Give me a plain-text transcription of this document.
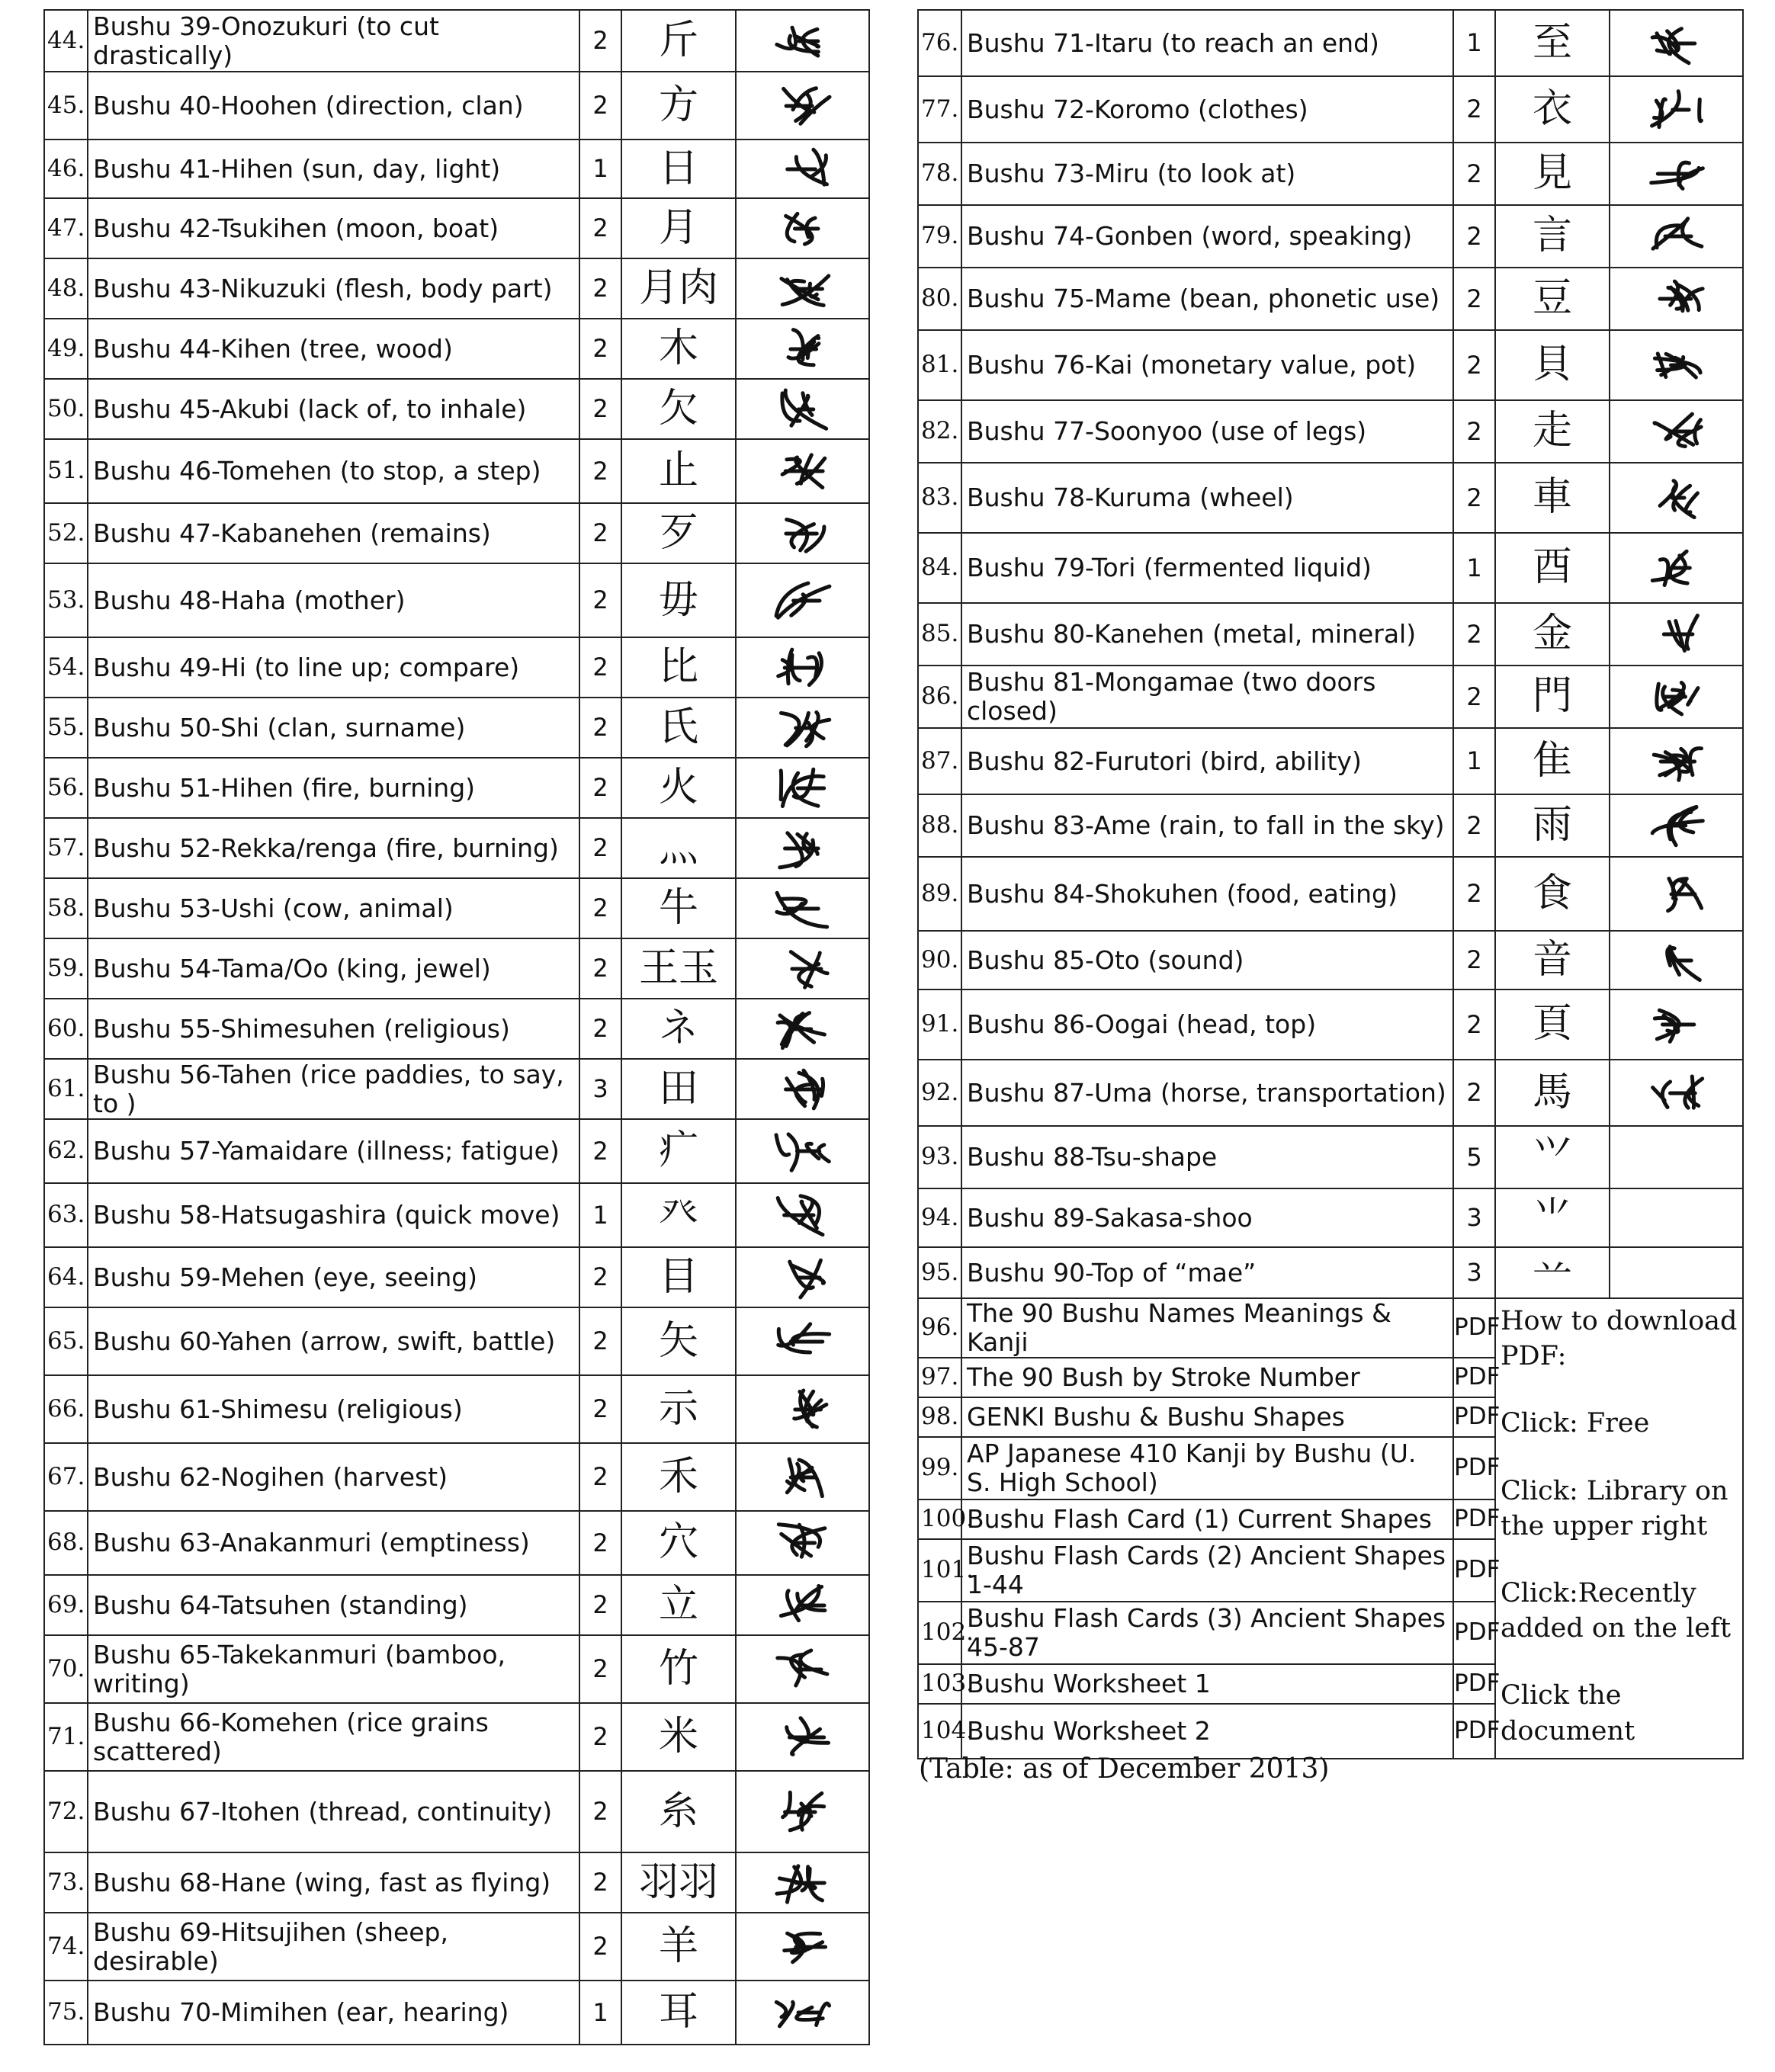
44.	Bushu 39-Onozukuri (to cut drastically)	2	斤	

45.	Bushu 40-Hoohen (direction, clan)	2	方	

46.	Bushu 41-Hihen (sun, day, light)	1	日	

47.	Bushu 42-Tsukihen (moon, boat)	2	月	

48.	Bushu 43-Nikuzuki (flesh, body part)	2	月肉	

49.	Bushu 44-Kihen (tree, wood)	2	木	

50.	Bushu 45-Akubi (lack of, to inhale)	2	欠	

51.	Bushu 46-Tomehen (to stop, a step)	2	止	

52.	Bushu 47-Kabanehen (remains)	2	歹	

53.	Bushu 48-Haha (mother)	2	毋	

54.	Bushu 49-Hi (to line up; compare)	2	比	

55.	Bushu 50-Shi (clan, surname)	2	氏	

56.	Bushu 51-Hihen (fire, burning)	2	火	

57.	Bushu 52-Rekka/renga (fire, burning)	2	灬	

58.	Bushu 53-Ushi (cow, animal)	2	牛	

59.	Bushu 54-Tama/Oo (king, jewel)	2	王玉	

60.	Bushu 55-Shimesuhen (religious)	2	ネ	

61.	Bushu 56-Tahen (rice paddies, to say, to )	3	田	

62.	Bushu 57-Yamaidare (illness; fatigue)	2	疒	

63.	Bushu 58-Hatsugashira (quick move)	1	癶	

64.	Bushu 59-Mehen (eye, seeing)	2	目	

65.	Bushu 60-Yahen (arrow, swift, battle)	2	矢	

66.	Bushu 61-Shimesu (religious)	2	示	

67.	Bushu 62-Nogihen (harvest)	2	禾	

68.	Bushu 63-Anakanmuri (emptiness)	2	穴	

69.	Bushu 64-Tatsuhen (standing)	2	立	

70.	Bushu 65-Takekanmuri (bamboo, writing)	2	竹	

71.	Bushu 66-Komehen (rice grains scattered)	2	米	

72.	Bushu 67-Itohen (thread, continuity)	2	糸	

73.	Bushu 68-Hane (wing, fast as flying)	2	羽羽	

74.	Bushu 69-Hitsujihen (sheep, desirable)	2	羊	

75.	Bushu 70-Mimihen (ear, hearing)	1	耳	
76.	Bushu 71-Itaru (to reach an end)	1	至	

77.	Bushu 72-Koromo (clothes)	2	衣	

78.	Bushu 73-Miru (to look at)	2	見	

79.	Bushu 74-Gonben (word, speaking)	2	言	

80.	Bushu 75-Mame (bean, phonetic use)	2	豆	

81.	Bushu 76-Kai (monetary value, pot)	2	貝	

82.	Bushu 77-Soonyoo (use of legs)	2	走	

83.	Bushu 78-Kuruma (wheel)	2	車	

84.	Bushu 79-Tori (fermented liquid)	1	酉	

85.	Bushu 80-Kanehen (metal, mineral)	2	金	

86.	Bushu 81-Mongamae (two doors closed)	2	門	

87.	Bushu 82-Furutori (bird, ability)	1	隹	

88.	Bushu 83-Ame (rain, to fall in the sky)	2	雨	

89.	Bushu 84-Shokuhen (food, eating)	2	食	

90.	Bushu 85-Oto (sound)	2	音	

91.	Bushu 86-Oogai (head, top)	2	頁	

92.	Bushu 87-Uma (horse, transportation)	2	馬	

93.	Bushu 88-Tsu-shape	5	⺍	
94.	Bushu 89-Sakasa-shoo	3	⺌	
95.	Bushu 90-Top of “mae”	3	䒑	
96.	The 90 Bushu Names Meanings & Kanji	PDF	How to download PDF:
Click: Free
Click: Library on the upper right
Click:Recently added on the left
Click the document	

97.	The 90 Bush by Stroke Number	PDF		
98.	GENKI Bushu & Bushu Shapes	PDF		
99.	AP Japanese 410 Kanji by Bushu (U. S. High School)	PDF		
100.	Bushu Flash Card (1) Current Shapes	PDF		
101.	Bushu Flash Cards (2) Ancient Shapes 1-44	PDF		
102.	Bushu Flash Cards (3) Ancient Shapes 45-87	PDF		
103.	Bushu Worksheet 1	PDF		
104.	Bushu Worksheet 2	PDF		
(Table: as of December 2013)
